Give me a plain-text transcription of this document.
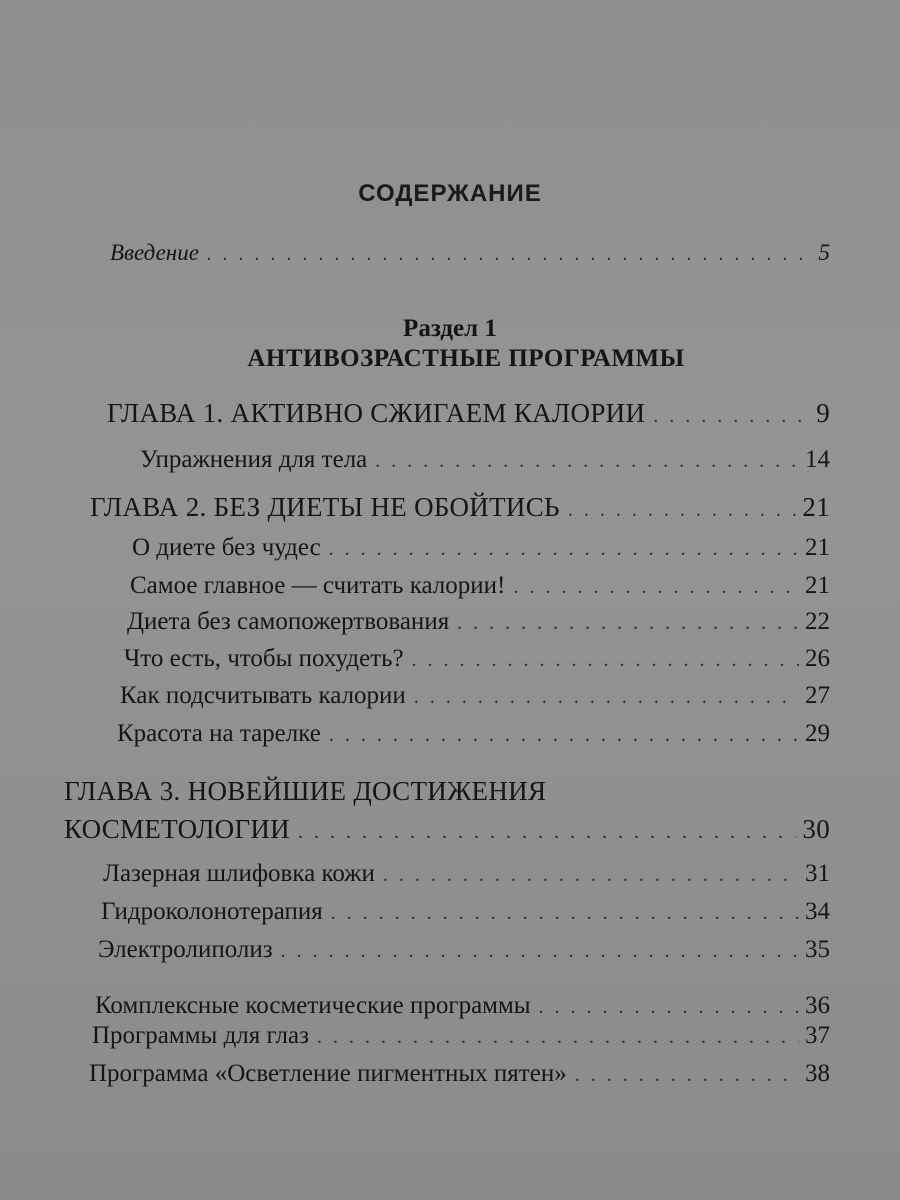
СОДЕРЖАНИЕ
Введение . . .	5
Раздел 1
АНТИВОЗРАСТНЫЕ ПРОГРАММЫ
ГЛАВА 1. АКТИВНО СЖИГАЕМ КАЛОРИИ . . .	9
Упражнения для тела . . .	14
ГЛАВА 2. БЕЗ ДИЕТЫ НЕ ОБОЙТИСЬ . . .	21
О диете без чудес . . .	21
Самое главное — считать калории! . . .	21
Диета без самопожертвования . . .	22
Что есть, чтобы похудеть? . . .	26
Как подсчитывать калории . . .	27
Красота на тарелке . . .	29
ГЛАВА 3. НОВЕЙШИЕ ДОСТИЖЕНИЯ
КОСМЕТОЛОГИИ . . .	30
Лазерная шлифовка кожи . . .	31
Гидроколонотерапия . . .	34
Электролиполиз . . .	35
Комплексные косметические программы . . .	36
Программы для глаз . . .	37
Программа «Осветление пигментных пятен» . . .	38
